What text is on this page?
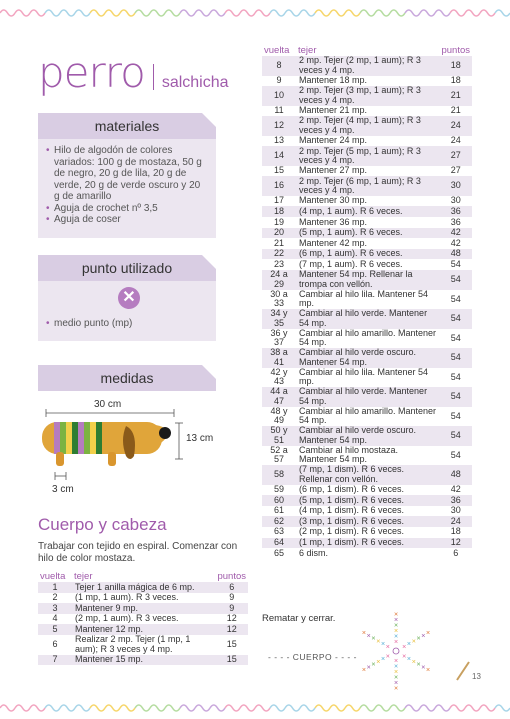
perro salchicha
materiales
• Hilo de algodón de colores variados: 100 g de mostaza, 50 g de negro, 20 g de lila, 20 g de verde, 20 g de verde oscuro y 20 g de amarillo
• Aguja de crochet nº 3,5
• Aguja de coser
punto utilizado
• medio punto (mp)
✕
medidas
30 cm
13 cm
3 cm
Cuerpo y cabeza
Trabajar con tejido en espiral. Comenzar con hilo de color mostaza.
vuelta	tejer	puntos
1	Tejer 1 anilla mágica de 6 mp.	6
2	(1 mp, 1 aum). R 3 veces.	9
3	Mantener 9 mp.	9
4	(2 mp, 1 aum). R 3 veces.	12
5	Mantener 12 mp.	12
6	Realizar 2 mp. Tejer (1 mp, 1 aum); R 3 veces y 4 mp.	15
7	Mantener 15 mp.	15
vuelta	tejer	puntos
8	2 mp. Tejer (2 mp, 1 aum); R 3 veces y 4 mp.	18
9	Mantener 18 mp.	18
10	2 mp. Tejer (3 mp, 1 aum); R 3 veces y 4 mp.	21
11	Mantener 21 mp.	21
12	2 mp. Tejer (4 mp, 1 aum); R 3 veces y 4 mp.	24
13	Mantener 24 mp.	24
14	2 mp. Tejer (5 mp, 1 aum); R 3 veces y 4 mp.	27
15	Mantener 27 mp.	27
16	2 mp. Tejer (6 mp, 1 aum); R 3 veces y 4 mp.	30
17	Mantener 30 mp.	30
18	(4 mp, 1 aum). R 6 veces.	36
19	Mantener 36 mp.	36
20	(5 mp, 1 aum). R 6 veces.	42
21	Mantener 42 mp.	42
22	(6 mp, 1 aum). R 6 veces.	48
23	(7 mp, 1 aum). R 6 veces.	54
24 a 29	Mantener 54 mp. Rellenar la trompa con vellón.	54
30 a 33	Cambiar al hilo lila. Mantener 54 mp.	54
34 y 35	Cambiar al hilo verde. Mantener 54 mp.	54
36 y 37	Cambiar al hilo amarillo. Mantener 54 mp.	54
38 a 41	Cambiar al hilo verde oscuro. Mantener 54 mp.	54
42 y 43	Cambiar al hilo lila. Mantener 54 mp.	54
44 a 47	Cambiar al hilo verde. Mantener 54 mp.	54
48 y 49	Cambiar al hilo amarillo. Mantener 54 mp.	54
50 y 51	Cambiar al hilo verde oscuro. Mantener 54 mp.	54
52 a 57	Cambiar al hilo mostaza. Mantener 54 mp.	54
58	(7 mp, 1 dism). R 6 veces. Rellenar con vellón.	48
59	(6 mp, 1 dism). R 6 veces.	42
60	(5 mp, 1 dism). R 6 veces.	36
61	(4 mp, 1 dism). R 6 veces.	30
62	(3 mp, 1 dism). R 6 veces.	24
63	(2 mp, 1 dism). R 6 veces.	18
64	(1 mp, 1 dism). R 6 veces.	12
65	6 dism.	6
Rematar y cerrar.
- - - - CUERPO - - - -
✕
✕
✕
✕
✕
✕
✕
✕
✕
✕
✕
✕
✕
✕
✕
✕
✕
✕
✕
✕
✕
✕
✕
✕
✕
✕
✕
✕
✕
✕
✕
✕
✕
✕
✕
✕
13
